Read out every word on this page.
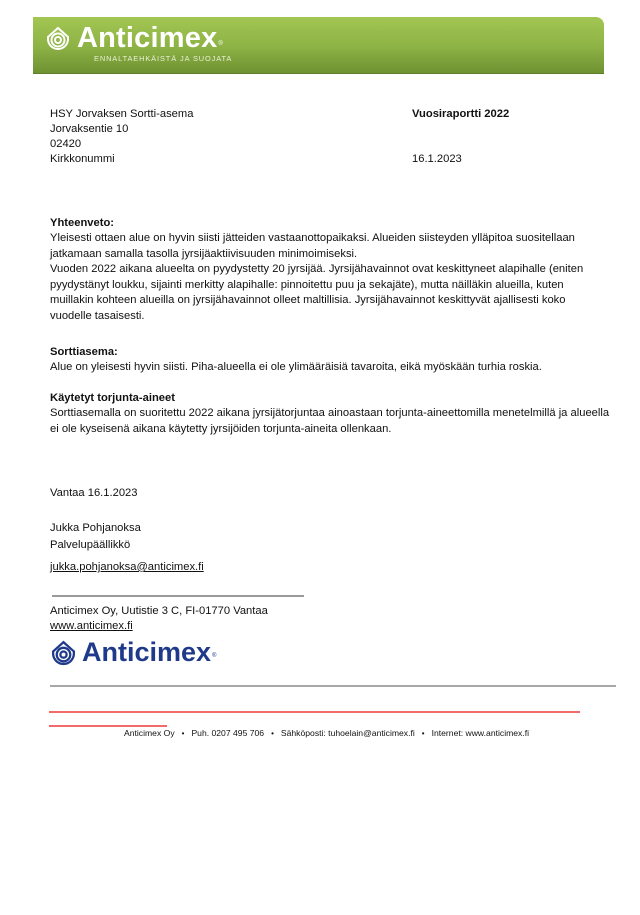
Anticimex ®
ENNALTAEHKÄISTÄ JA SUOJATA
HSY Jorvaksen Sortti-asema
Jorvaksentie 10
02420
Kirkkonummi
Vuosiraportti 2022
16.1.2023
Yhteenveto:
Yleisesti ottaen alue on hyvin siisti jätteiden vastaanottopaikaksi. Alueiden siisteyden ylläpitoa suositellaan jatkamaan samalla tasolla jyrsijäaktiivisuuden minimoimiseksi.
Vuoden 2022 aikana alueelta on pyydystetty 20 jyrsijää. Jyrsijähavainnot ovat keskittyneet alapihalle (eniten pyydystänyt loukku, sijainti merkitty alapihalle: pinnoitettu puu ja sekajäte), mutta näilläkin alueilla, kuten muillakin kohteen alueilla on jyrsijähavainnot olleet maltillisia. Jyrsijähavainnot keskittyvät ajallisesti koko vuodelle tasaisesti.
Sorttiasema:
Alue on yleisesti hyvin siisti. Piha-alueella ei ole ylimääräisiä tavaroita, eikä myöskään turhia roskia.
Käytetyt torjunta-aineet
Sorttiasemalla on suoritettu 2022 aikana jyrsijätorjuntaa ainoastaan torjunta-aineettomilla menetelmillä ja alueella ei ole kyseisenä aikana käytetty jyrsijöiden torjunta-aineita ollenkaan.
Vantaa 16.1.2023
Jukka Pohjanoksa
Palvelupäällikkö
jukka.pohjanoksa@anticimex.fi
Anticimex Oy, Uutistie 3 C, FI-01770 Vantaa
www.anticimex.fi
Anticimex ®
Anticimex Oy • Puh. 0207 495 706 • Sähköposti: tuhoelain@anticimex.fi • Internet: www.anticimex.fi
